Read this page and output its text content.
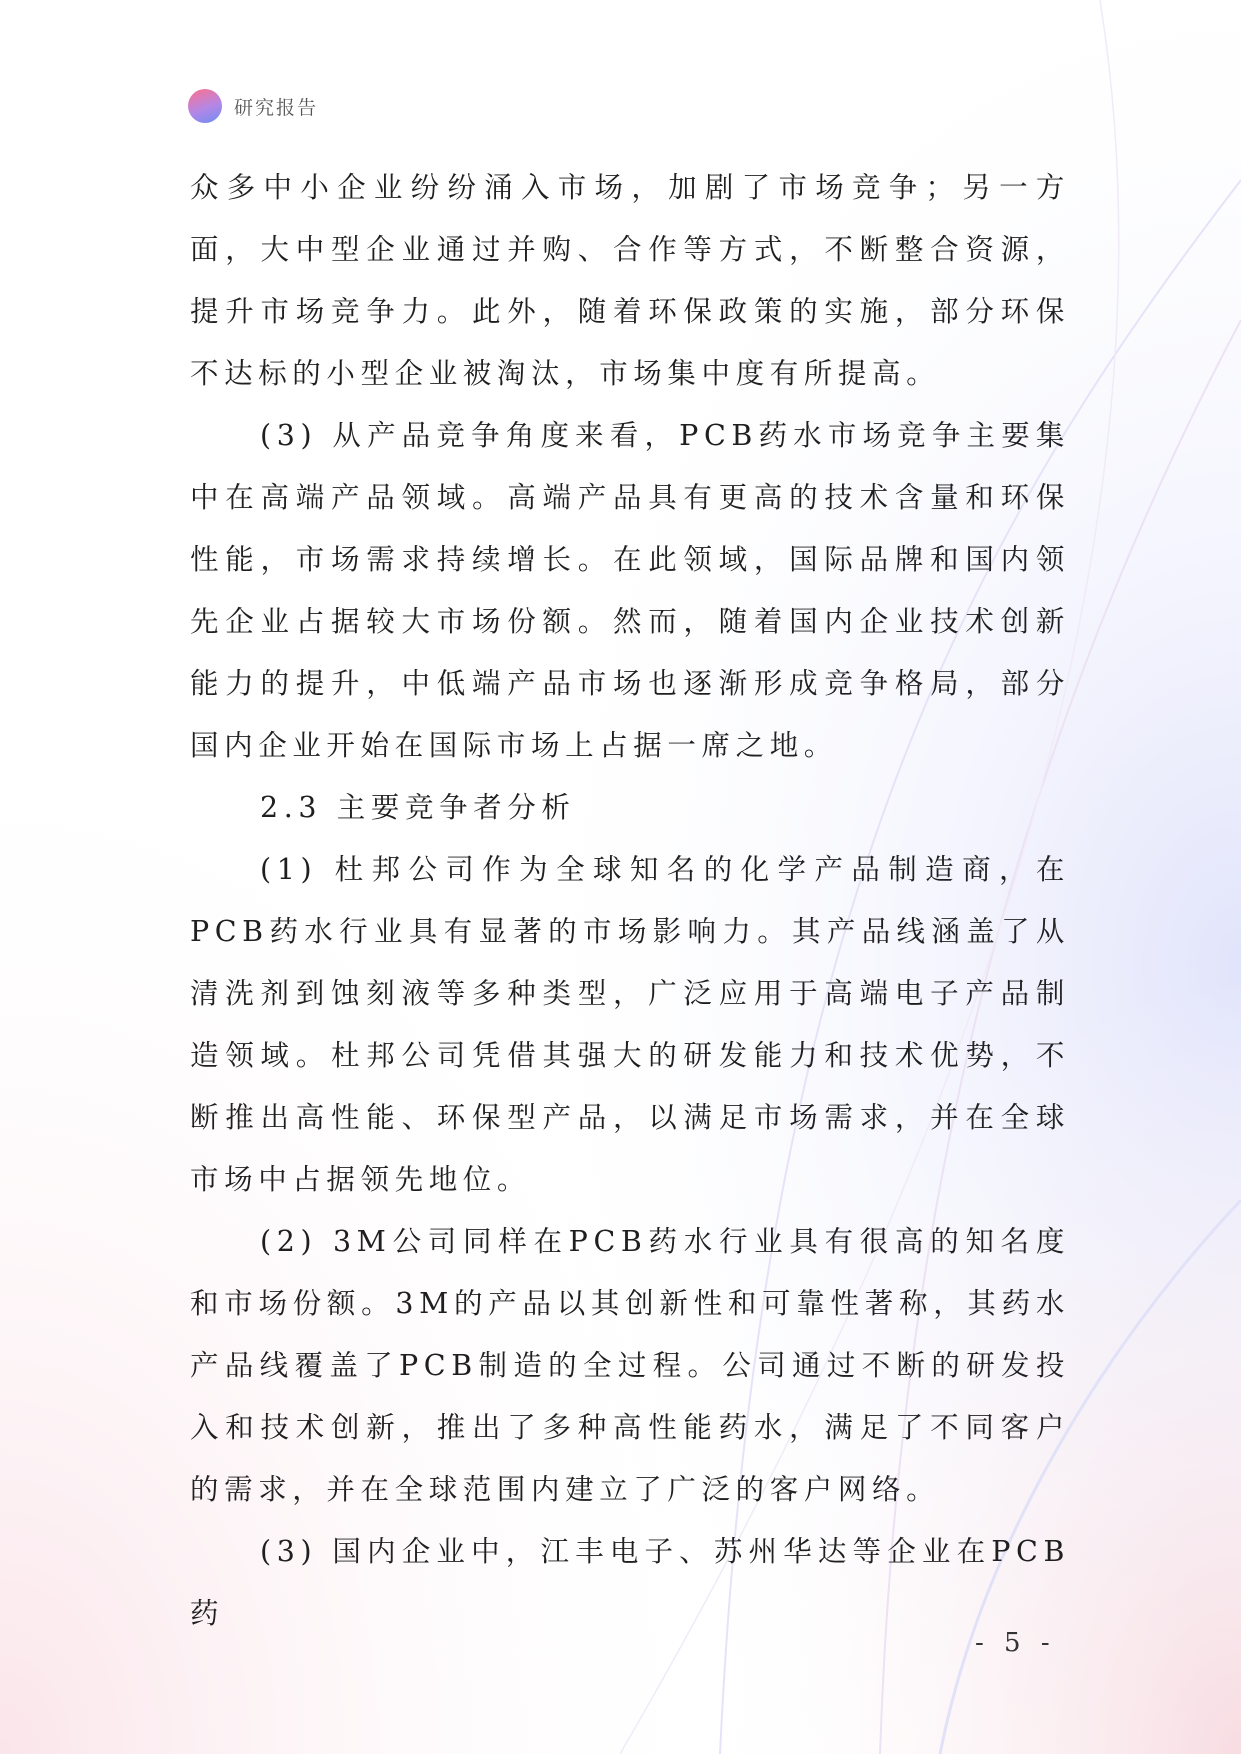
研究报告

众多中小企业纷纷涌入市场，加剧了市场竞争；另一方面，大中型企业通过并购、合作等方式，不断整合资源，提升市场竞争力。此外，随着环保政策的实施，部分环保不达标的小型企业被淘汰，市场集中度有所提高。

(3) 从产品竞争角度来看，PCB药水市场竞争主要集中在高端产品领域。高端产品具有更高的技术含量和环保性能，市场需求持续增长。在此领域，国际品牌和国内领先企业占据较大市场份额。然而，随着国内企业技术创新能力的提升，中低端产品市场也逐渐形成竞争格局，部分国内企业开始在国际市场上占据一席之地。

2.3 主要竞争者分析

(1) 杜邦公司作为全球知名的化学产品制造商，在PCB药水行业具有显著的市场影响力。其产品线涵盖了从清洗剂到蚀刻液等多种类型，广泛应用于高端电子产品制造领域。杜邦公司凭借其强大的研发能力和技术优势，不断推出高性能、环保型产品，以满足市场需求，并在全球市场中占据领先地位。

(2) 3M公司同样在PCB药水行业具有很高的知名度和市场份额。3M的产品以其创新性和可靠性著称，其药水产品线覆盖了PCB制造的全过程。公司通过不断的研发投入和技术创新，推出了多种高性能药水，满足了不同客户的需求，并在全球范围内建立了广泛的客户网络。

(3) 国内企业中，江丰电子、苏州华达等企业在PCB药

- 5 -
